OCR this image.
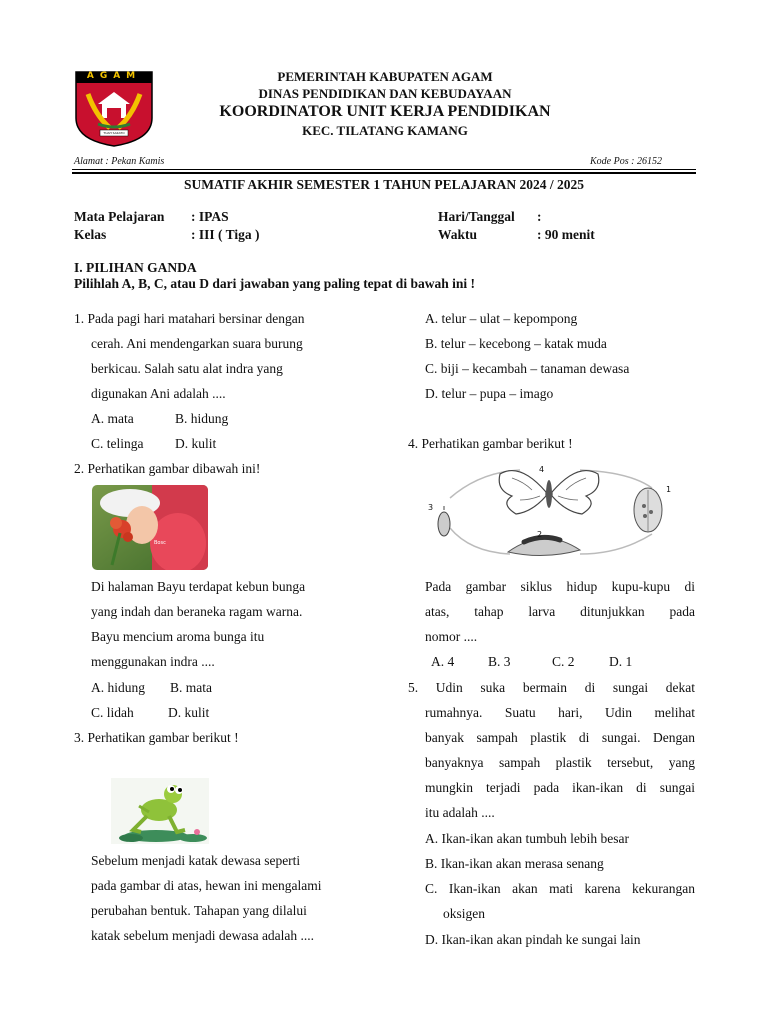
AGAM
TUAH SAKATO
PEMERINTAH KABUPATEN AGAM
DINAS PENDIDIKAN DAN KEBUDAYAAN
KOORDINATOR UNIT KERJA PENDIDIKAN
KEC. TILATANG KAMANG
Alamat : Pekan Kamis	Kode Pos : 26152
SUMATIF AKHIR SEMESTER 1 TAHUN PELAJARAN 2024 / 2025
Mata Pelajaran : IPAS
Kelas	: III ( Tiga )
Hari/Tanggal :
Waktu	: 90 menit
I. PILIHAN GANDA
Pilihlah A, B, C, atau D dari jawaban yang paling tepat di bawah ini !
1. Pada pagi hari matahari bersinar dengan
cerah. Ani mendengarkan suara burung
berkicau. Salah satu alat indra yang
digunakan Ani adalah ....
A. mata	B. hidung
C. telinga D. kulit
2. Perhatikan gambar dibawah ini!
Bosc
Di halaman Bayu terdapat kebun bunga
yang indah dan beraneka ragam warna.
Bayu mencium aroma bunga itu
menggunakan indra ....
A. hidung B. mata
C. lidah	D. kulit
3. Perhatikan gambar berikut !
Sebelum menjadi katak dewasa seperti
pada gambar di atas, hewan ini mengalami
perubahan bentuk. Tahapan yang dilalui
katak sebelum menjadi dewasa adalah ....
A. telur – ulat – kepompong
B. telur – kecebong – katak muda
C. biji – kecambah – tanaman dewasa
D. telur – pupa – imago
4. Perhatikan gambar berikut !
4
1
3
2
Pada gambar siklus hidup kupu-kupu di
atas, tahap larva ditunjukkan pada
nomor ....
A. 4	B. 3	C. 2	D. 1
5. Udin suka bermain di sungai dekat
rumahnya. Suatu hari, Udin melihat
banyak sampah plastik di sungai. Dengan
banyaknya sampah plastik tersebut, yang
mungkin terjadi pada ikan-ikan di sungai
itu adalah ....
A. Ikan-ikan akan tumbuh lebih besar
B. Ikan-ikan akan merasa senang
C. Ikan-ikan akan mati karena kekurangan
oksigen
D. Ikan-ikan akan pindah ke sungai lain
